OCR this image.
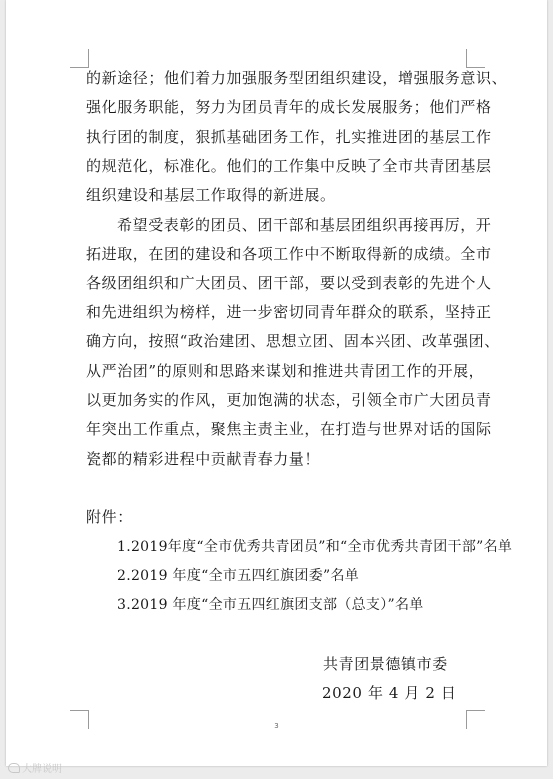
的新途径；他们着力加强服务型团组织建设，增强服务意识、
强化服务职能，努力为团员青年的成长发展服务；他们严格
执行团的制度，狠抓基础团务工作，扎实推进团的基层工作
的规范化，标准化。他们的工作集中反映了全市共青团基层
组织建设和基层工作取得的新进展。
希望受表彰的团员、团干部和基层团组织再接再厉，开
拓进取，在团的建设和各项工作中不断取得新的成绩。全市
各级团组织和广大团员、团干部，要以受到表彰的先进个人
和先进组织为榜样，进一步密切同青年群众的联系，坚持正
确方向，按照“政治建团、思想立团、固本兴团、改革强团、
从严治团”的原则和思路来谋划和推进共青团工作的开展，
以更加务实的作风，更加饱满的状态，引领全市广大团员青
年突出工作重点，聚焦主责主业，在打造与世界对话的国际
瓷都的精彩进程中贡献青春力量！
附件：
1.2019年度“全市优秀共青团员”和“全市优秀共青团干部”名单
2.2019 年度“全市五四红旗团委”名单
3.2019 年度“全市五四红旗团支部（总支）”名单
共青团景德镇市委
2020 年 4 月 2 日
3
大牌说明
